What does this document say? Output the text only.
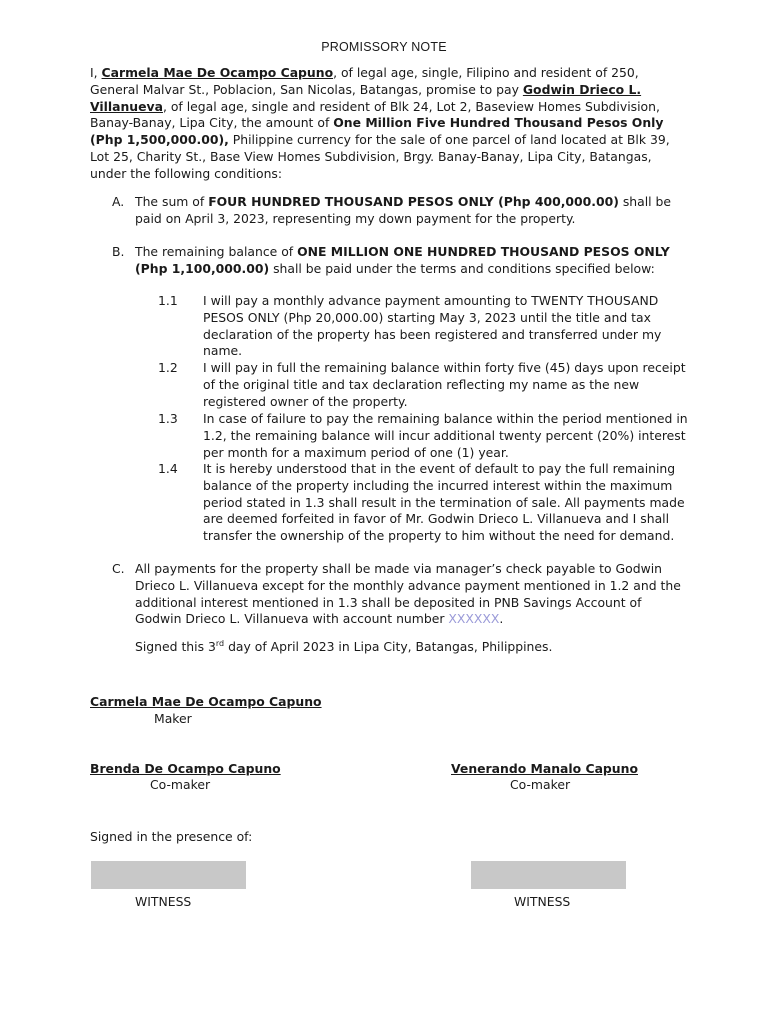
PROMISSORY NOTE

I, Carmela Mae De Ocampo Capuno, of legal age, single, Filipino and resident of 250, General Malvar St., Poblacion, San Nicolas, Batangas, promise to pay Godwin Drieco L. Villanueva, of legal age, single and resident of Blk 24, Lot 2, Baseview Homes Subdivision, Banay-Banay, Lipa City, the amount of One Million Five Hundred Thousand Pesos Only (Php 1,500,000.00), Philippine currency for the sale of one parcel of land located at Blk 39, Lot 25, Charity St., Base View Homes Subdivision, Brgy. Banay-Banay, Lipa City, Batangas, under the following conditions:

A. The sum of FOUR HUNDRED THOUSAND PESOS ONLY (Php 400,000.00) shall be paid on April 3, 2023, representing my down payment for the property.
B. The remaining balance of ONE MILLION ONE HUNDRED THOUSAND PESOS ONLY (Php 1,100,000.00) shall be paid under the terms and conditions specified below:
1.1 I will pay a monthly advance payment amounting to TWENTY THOUSAND PESOS ONLY (Php 20,000.00) starting May 3, 2023 until the title and tax declaration of the property has been registered and transferred under my name.
1.2 I will pay in full the remaining balance within forty five (45) days upon receipt of the original title and tax declaration reflecting my name as the new registered owner of the property.
1.3 In case of failure to pay the remaining balance within the period mentioned in 1.2, the remaining balance will incur additional twenty percent (20%) interest per month for a maximum period of one (1) year.
1.4 It is hereby understood that in the event of default to pay the full remaining balance of the property including the incurred interest within the maximum period stated in 1.3 shall result in the termination of sale. All payments made are deemed forfeited in favor of Mr. Godwin Drieco L. Villanueva and I shall transfer the ownership of the property to him without the need for demand.
C. All payments for the property shall be made via manager’s check payable to Godwin Drieco L. Villanueva except for the monthly advance payment mentioned in 1.2 and the additional interest mentioned in 1.3 shall be deposited in PNB Savings Account of Godwin Drieco L. Villanueva with account number XXXXXX.
Signed this 3rd day of April 2023 in Lipa City, Batangas, Philippines.
Carmela Mae De Ocampo Capuno
Maker
Brenda De Ocampo Capuno
Co-maker
Venerando Manalo Capuno
Co-maker
Signed in the presence of:
WITNESS	WITNESS
